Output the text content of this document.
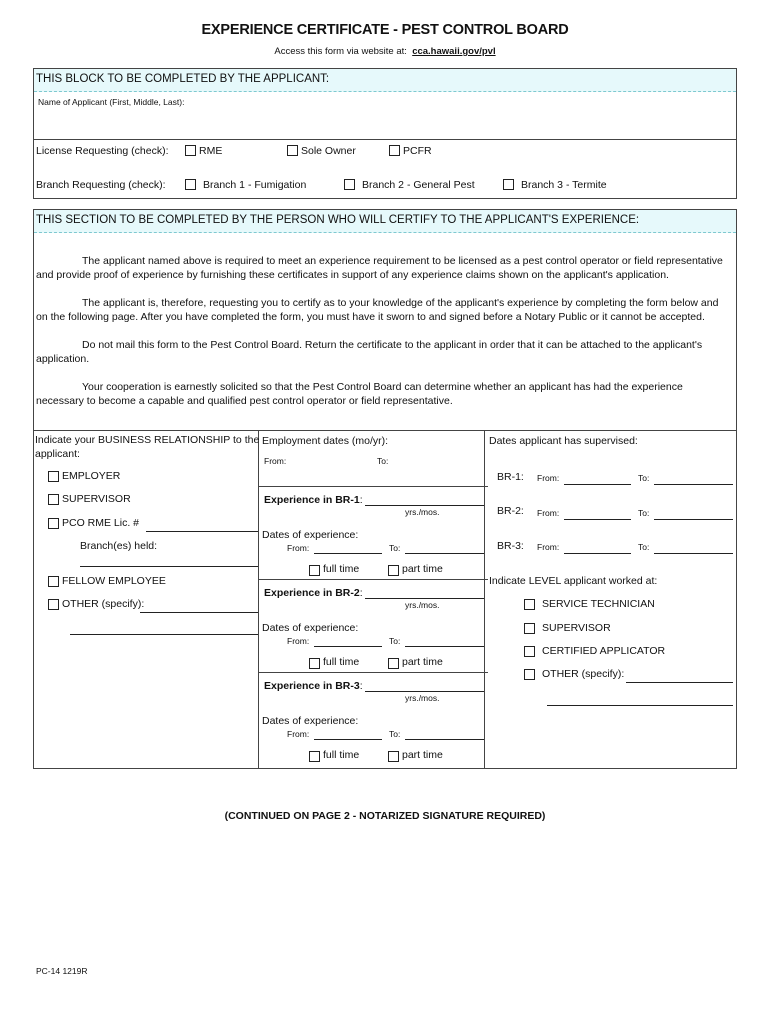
EXPERIENCE CERTIFICATE - PEST CONTROL BOARD
Access this form via website at: cca.hawaii.gov/pvl
THIS BLOCK TO BE COMPLETED BY THE APPLICANT:
Name of Applicant (First, Middle, Last):
License Requesting (check):	RME	Sole Owner	PCFR
Branch Requesting (check):	Branch 1 - Fumigation	Branch 2 - General Pest	Branch 3 - Termite
THIS SECTION TO BE COMPLETED BY THE PERSON WHO WILL CERTIFY TO THE APPLICANT'S EXPERIENCE:
The applicant named above is required to meet an experience requirement to be licensed as a pest control operator or field representative
and provide proof of experience by furnishing these certificates in support of any experience claims shown on the applicant's application.
The applicant is, therefore, requesting you to certify as to your knowledge of the applicant's experience by completing the form below and
on the following page. After you have completed the form, you must have it sworn to and signed before a Notary Public or it cannot be accepted.
Do not mail this form to the Pest Control Board. Return the certificate to the applicant in order that it can be attached to the applicant's
application.
Your cooperation is earnestly solicited so that the Pest Control Board can determine whether an applicant has had the experience
necessary to become a capable and qualified pest control operator or field representative.
Indicate your BUSINESS RELATIONSHIP to the
applicant:
EMPLOYER
SUPERVISOR
PCO RME Lic. #
Branch(es) held:
FELLOW EMPLOYEE
OTHER (specify):
Employment dates (mo/yr):
From:	To:
Experience in BR-1:
yrs./mos.
Dates of experience:
From:	To:
full time	part time
Experience in BR-2:
yrs./mos.
Dates of experience:
From:	To:
full time	part time
Experience in BR-3:
yrs./mos.
Dates of experience:
From:	To:
full time	part time
Dates applicant has supervised:
BR-1: From:	To:
BR-2: From:	To:
BR-3: From:	To:
Indicate LEVEL applicant worked at:
SERVICE TECHNICIAN
SUPERVISOR
CERTIFIED APPLICATOR
OTHER (specify):
(CONTINUED ON PAGE 2 - NOTARIZED SIGNATURE REQUIRED)
PC-14 1219R
